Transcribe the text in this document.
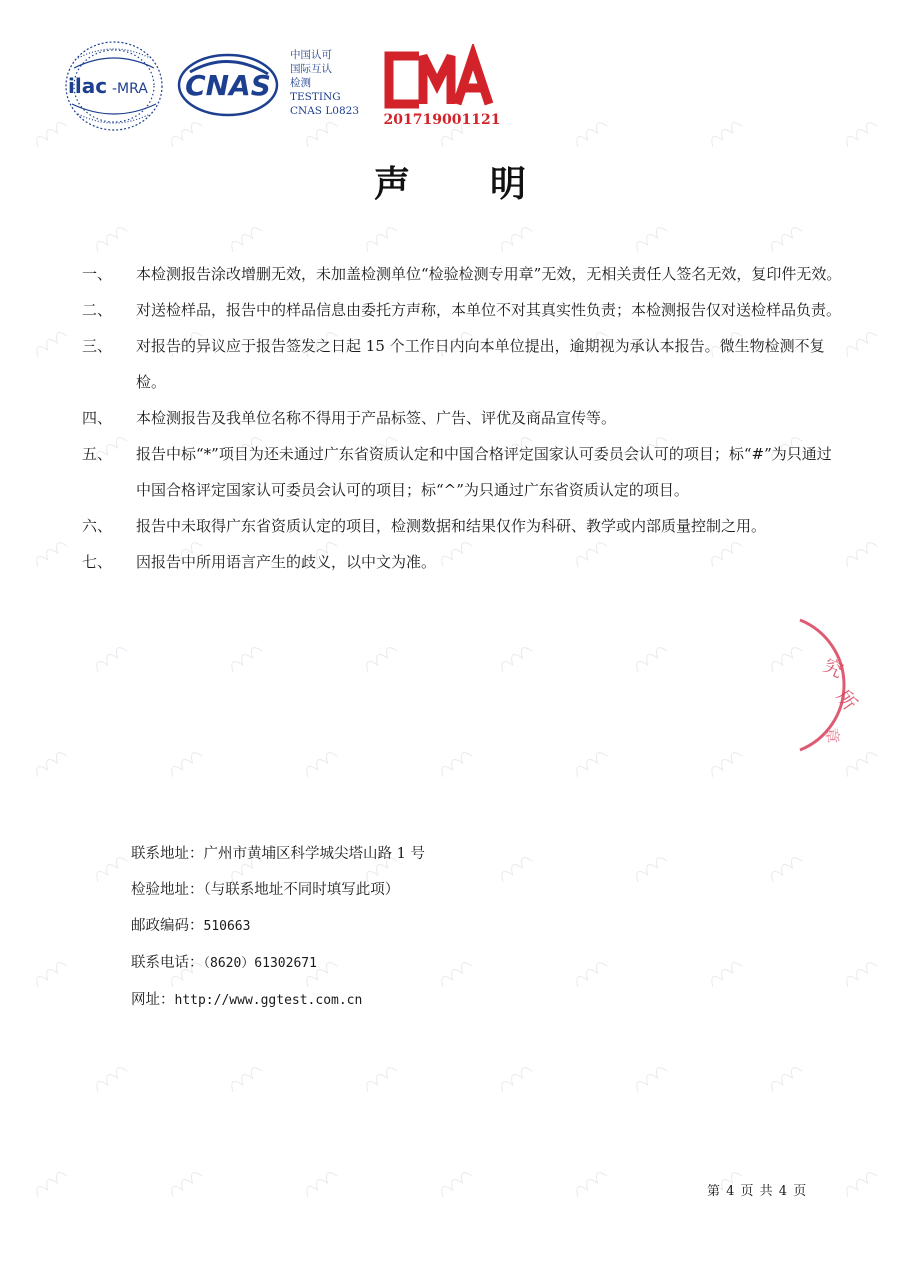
ilac -MRA CNAS
中国认可
国际互认
检测
TESTING
CNAS L0823
201719001121
声明
一、	本检测报告涂改增删无效，未加盖检测单位“检验检测专用章”无效，无相关责任人签名无效，复印件无效。
二、	对送检样品，报告中的样品信息由委托方声称，本单位不对其真实性负责；本检测报告仅对送检样品负责。
三、	对报告的异议应于报告签发之日起 15 个工作日内向本单位提出，逾期视为承认本报告。微生物检测不复检。
四、	本检测报告及我单位名称不得用于产品标签、广告、评优及商品宣传等。
五、	报告中标“*”项目为还未通过广东省资质认定和中国合格评定国家认可委员会认可的项目；标“#”为只通过中国合格评定国家认可委员会认可的项目；标“^”为只通过广东省资质认定的项目。
六、	报告中未取得广东省资质认定的项目，检测数据和结果仅作为科研、教学或内部质量控制之用。
七、	因报告中所用语言产生的歧义，以中文为准。
究
所
章
联系地址：广州市黄埔区科学城尖塔山路 1 号
检验地址：（与联系地址不同时填写此项）
邮政编码：510663
联系电话：（8620）61302671
网址：http://www.ggtest.com.cn
第 4 页 共 4 页
